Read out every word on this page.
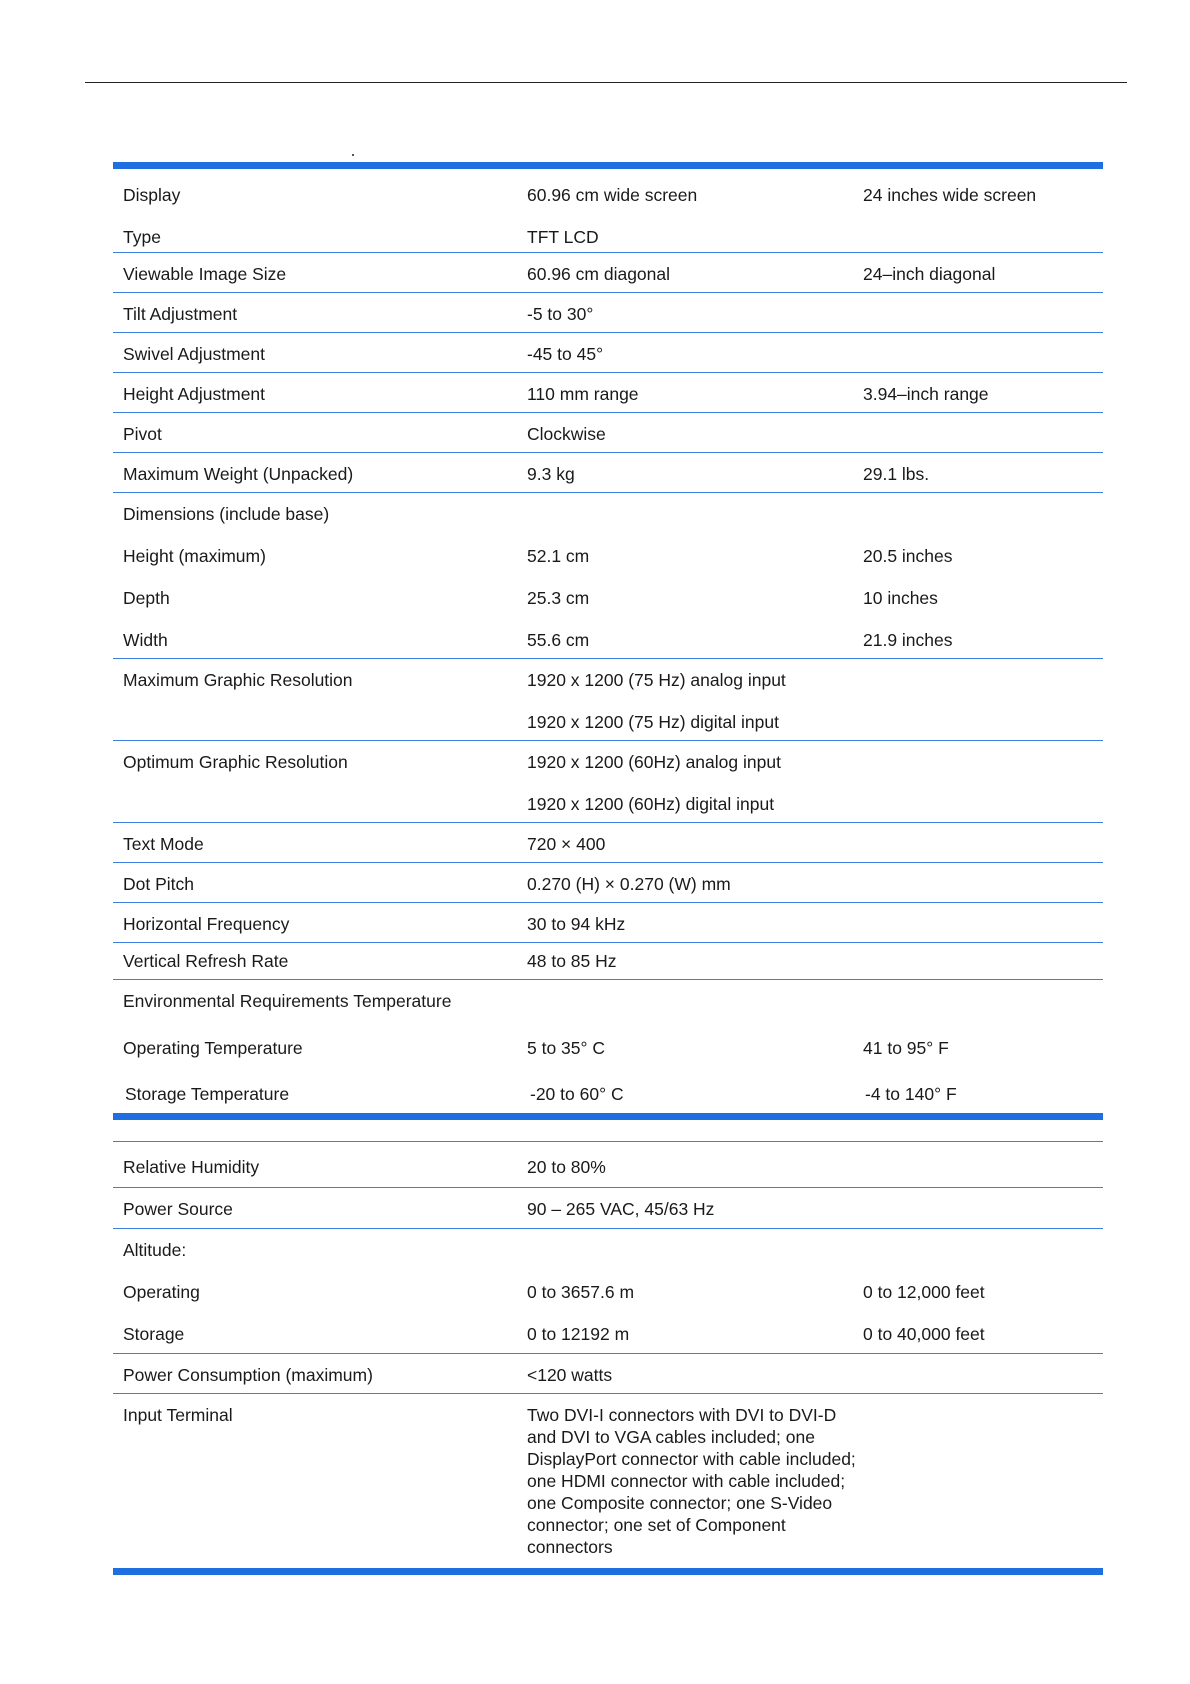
Display	60.96 cm wide screen	24 inches wide screen
Type	TFT LCD
Viewable Image Size	60.96 cm diagonal	24–inch diagonal
Tilt Adjustment	-5 to 30°
Swivel Adjustment	-45 to 45°
Height Adjustment	110 mm range	3.94–inch range
Pivot	Clockwise
Maximum Weight (Unpacked)	9.3 kg	29.1 lbs.
Dimensions (include base)
Height (maximum)	52.1 cm	20.5 inches
Depth	25.3 cm	10 inches
Width	55.6 cm	21.9 inches
Maximum Graphic Resolution	1920 x 1200 (75 Hz) analog input
1920 x 1200 (75 Hz) digital input
Optimum Graphic Resolution	1920 x 1200 (60Hz) analog input
1920 x 1200 (60Hz) digital input
Text Mode	720 × 400
Dot Pitch	0.270 (H) × 0.270 (W) mm
Horizontal Frequency	30 to 94 kHz
Vertical Refresh Rate	48 to 85 Hz
Environmental Requirements Temperature
Operating Temperature	5 to 35° C	41 to 95° F
Storage Temperature	-20 to 60° C	-4 to 140° F
Relative Humidity	20 to 80%
Power Source	90 – 265 VAC, 45/63 Hz
Altitude:
Operating	0 to 3657.6 m	0 to 12,000 feet
Storage	0 to 12192 m	0 to 40,000 feet
Power Consumption (maximum)	<120 watts
Input Terminal	Two DVI-I connectors with DVI to DVI-D and DVI to VGA cables included; one DisplayPort connector with cable included; one HDMI connector with cable included; one Composite connector; one S-Video connector; one set of Component connectors
